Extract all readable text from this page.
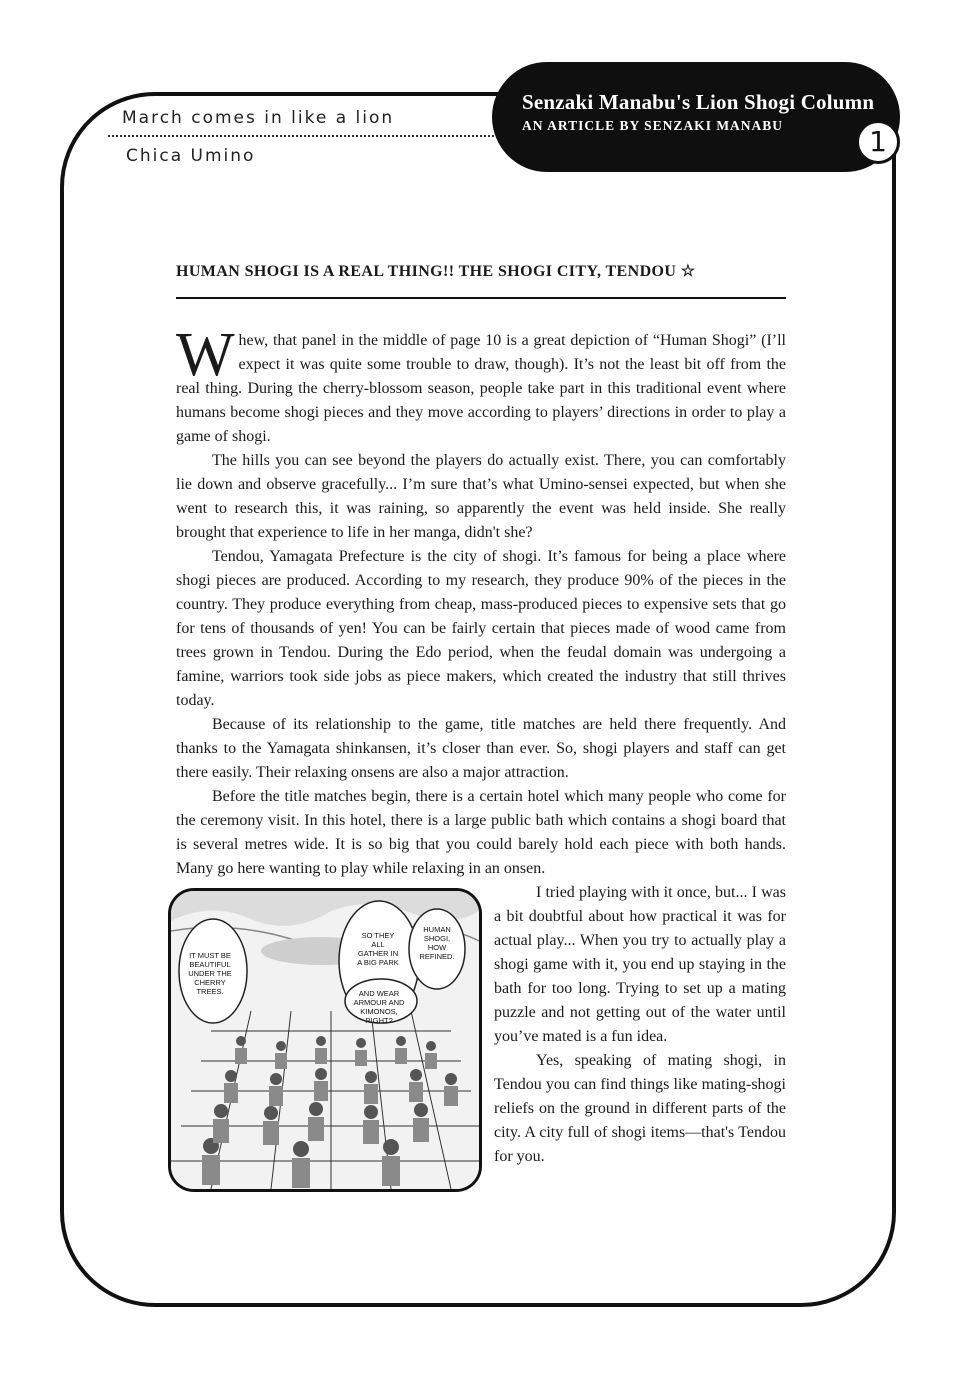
March comes in like a lion
Chica Umino
Senzaki Manabu's Lion Shogi Column
AN ARTICLE BY SENZAKI MANABU	1
HUMAN SHOGI IS A REAL THING!! THE SHOGI CITY, TENDOU ☆

Whew, that panel in the middle of page 10 is a great depiction of “Human Shogi” (I’ll expect it was quite some trouble to draw, though). It’s not the least bit off from the real thing. During the cherry-blossom season, people take part in this traditional event where humans become shogi pieces and they move according to players’ directions in order to play a game of shogi.

The hills you can see beyond the players do actually exist. There, you can comfortably lie down and observe gracefully... I’m sure that’s what Umino-sensei expected, but when she went to research this, it was raining, so apparently the event was held inside. She really brought that experience to life in her manga, didn't she?

Tendou, Yamagata Prefecture is the city of shogi. It’s famous for being a place where shogi pieces are produced. According to my research, they produce 90% of the pieces in the country. They produce everything from cheap, mass-produced pieces to expensive sets that go for tens of thousands of yen! You can be fairly certain that pieces made of wood came from trees grown in Tendou. During the Edo period, when the feudal domain was undergoing a famine, warriors took side jobs as piece makers, which created the industry that still thrives today.

Because of its relationship to the game, title matches are held there frequently. And thanks to the Yamagata shinkansen, it’s closer than ever. So, shogi players and staff can get there easily. Their relaxing onsens are also a major attraction.

Before the title matches begin, there is a certain hotel which many people who come for the ceremony visit. In this hotel, there is a large public bath which contains a shogi board that is several metres wide. It is so big that you could barely hold each piece with both hands. Many go here wanting to play while relaxing in an onsen.

IT MUST BE BEAUTIFUL UNDER THE CHERRY TREES.
SO THEY ALL GATHER IN A BIG PARK
AND WEAR ARMOUR AND KIMONOS, RIGHT?
HUMAN SHOGI, HOW REFINED.

I tried playing with it once, but... I was a bit doubtful about how practical it was for actual play... When you try to actually play a shogi game with it, you end up staying in the bath for too long. Trying to set up a mating puzzle and not getting out of the water until you’ve mated is a fun idea.

Yes, speaking of mating shogi, in Tendou you can find things like mating-shogi reliefs on the ground in different parts of the city. A city full of shogi items—that's Tendou for you.
